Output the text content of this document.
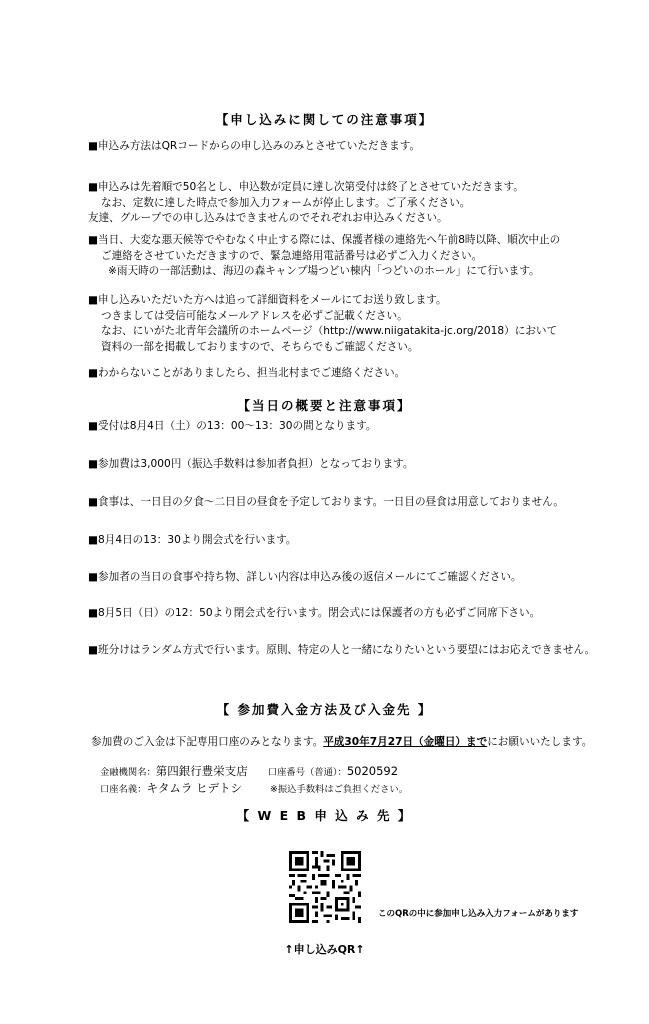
【申し込みに関しての注意事項】
■申込み方法はQRコードからの申し込みのみとさせていただきます。
■申込みは先着順で50名とし、申込数が定員に達し次第受付は終了とさせていただきます。
なお、定数に達した時点で参加入力フォームが停止します。ご了承ください。
友達、グループでの申し込みはできませんのでそれぞれお申込みください。
■当日、大変な悪天候等でやむなく中止する際には、保護者様の連絡先へ午前8時以降、順次中止の
ご連絡をさせていただきますので、緊急連絡用電話番号は必ずご入力ください。
※雨天時の一部活動は、海辺の森キャンプ場つどい棟内「つどいのホール」にて行います。
■申し込みいただいた方へは追って詳細資料をメールにてお送り致します。
つきましては受信可能なメールアドレスを必ずご記載ください。
なお、にいがた北青年会議所のホームページ（http://www.niigatakita-jc.org/2018）において
資料の一部を掲載しておりますので、そちらでもご確認ください。
■わからないことがありましたら、担当北村までご連絡ください。
【当日の概要と注意事項】
■受付は8月4日（土）の13：00～13：30の間となります。
■参加費は3,000円（振込手数料は参加者負担）となっております。
■食事は、一日目の夕食～二日目の昼食を予定しております。一日目の昼食は用意しておりません。
■8月4日の13：30より開会式を行います。
■参加者の当日の食事や持ち物、詳しい内容は申込み後の返信メールにてご確認ください。
■8月5日（日）の12：50より閉会式を行います。閉会式には保護者の方も必ずご同席下さい。
■班分けはランダム方式で行います。原則、特定の人と一緒になりたいという要望にはお応えできません。
【 参加費入金方法及び入金先 】
参加費のご入金は下記専用口座のみとなります。平成30年7月27日（金曜日）までにお願いいたします。
金融機関名：第四銀行豊栄支店 口座番号（普通）：5020592
口座名義：キタムラ ヒデトシ	※振込手数料はご負担ください。
【 W E B 申 込 み 先 】
このQRの中に参加申し込み入力フォームがあります
↑申し込みQR↑
